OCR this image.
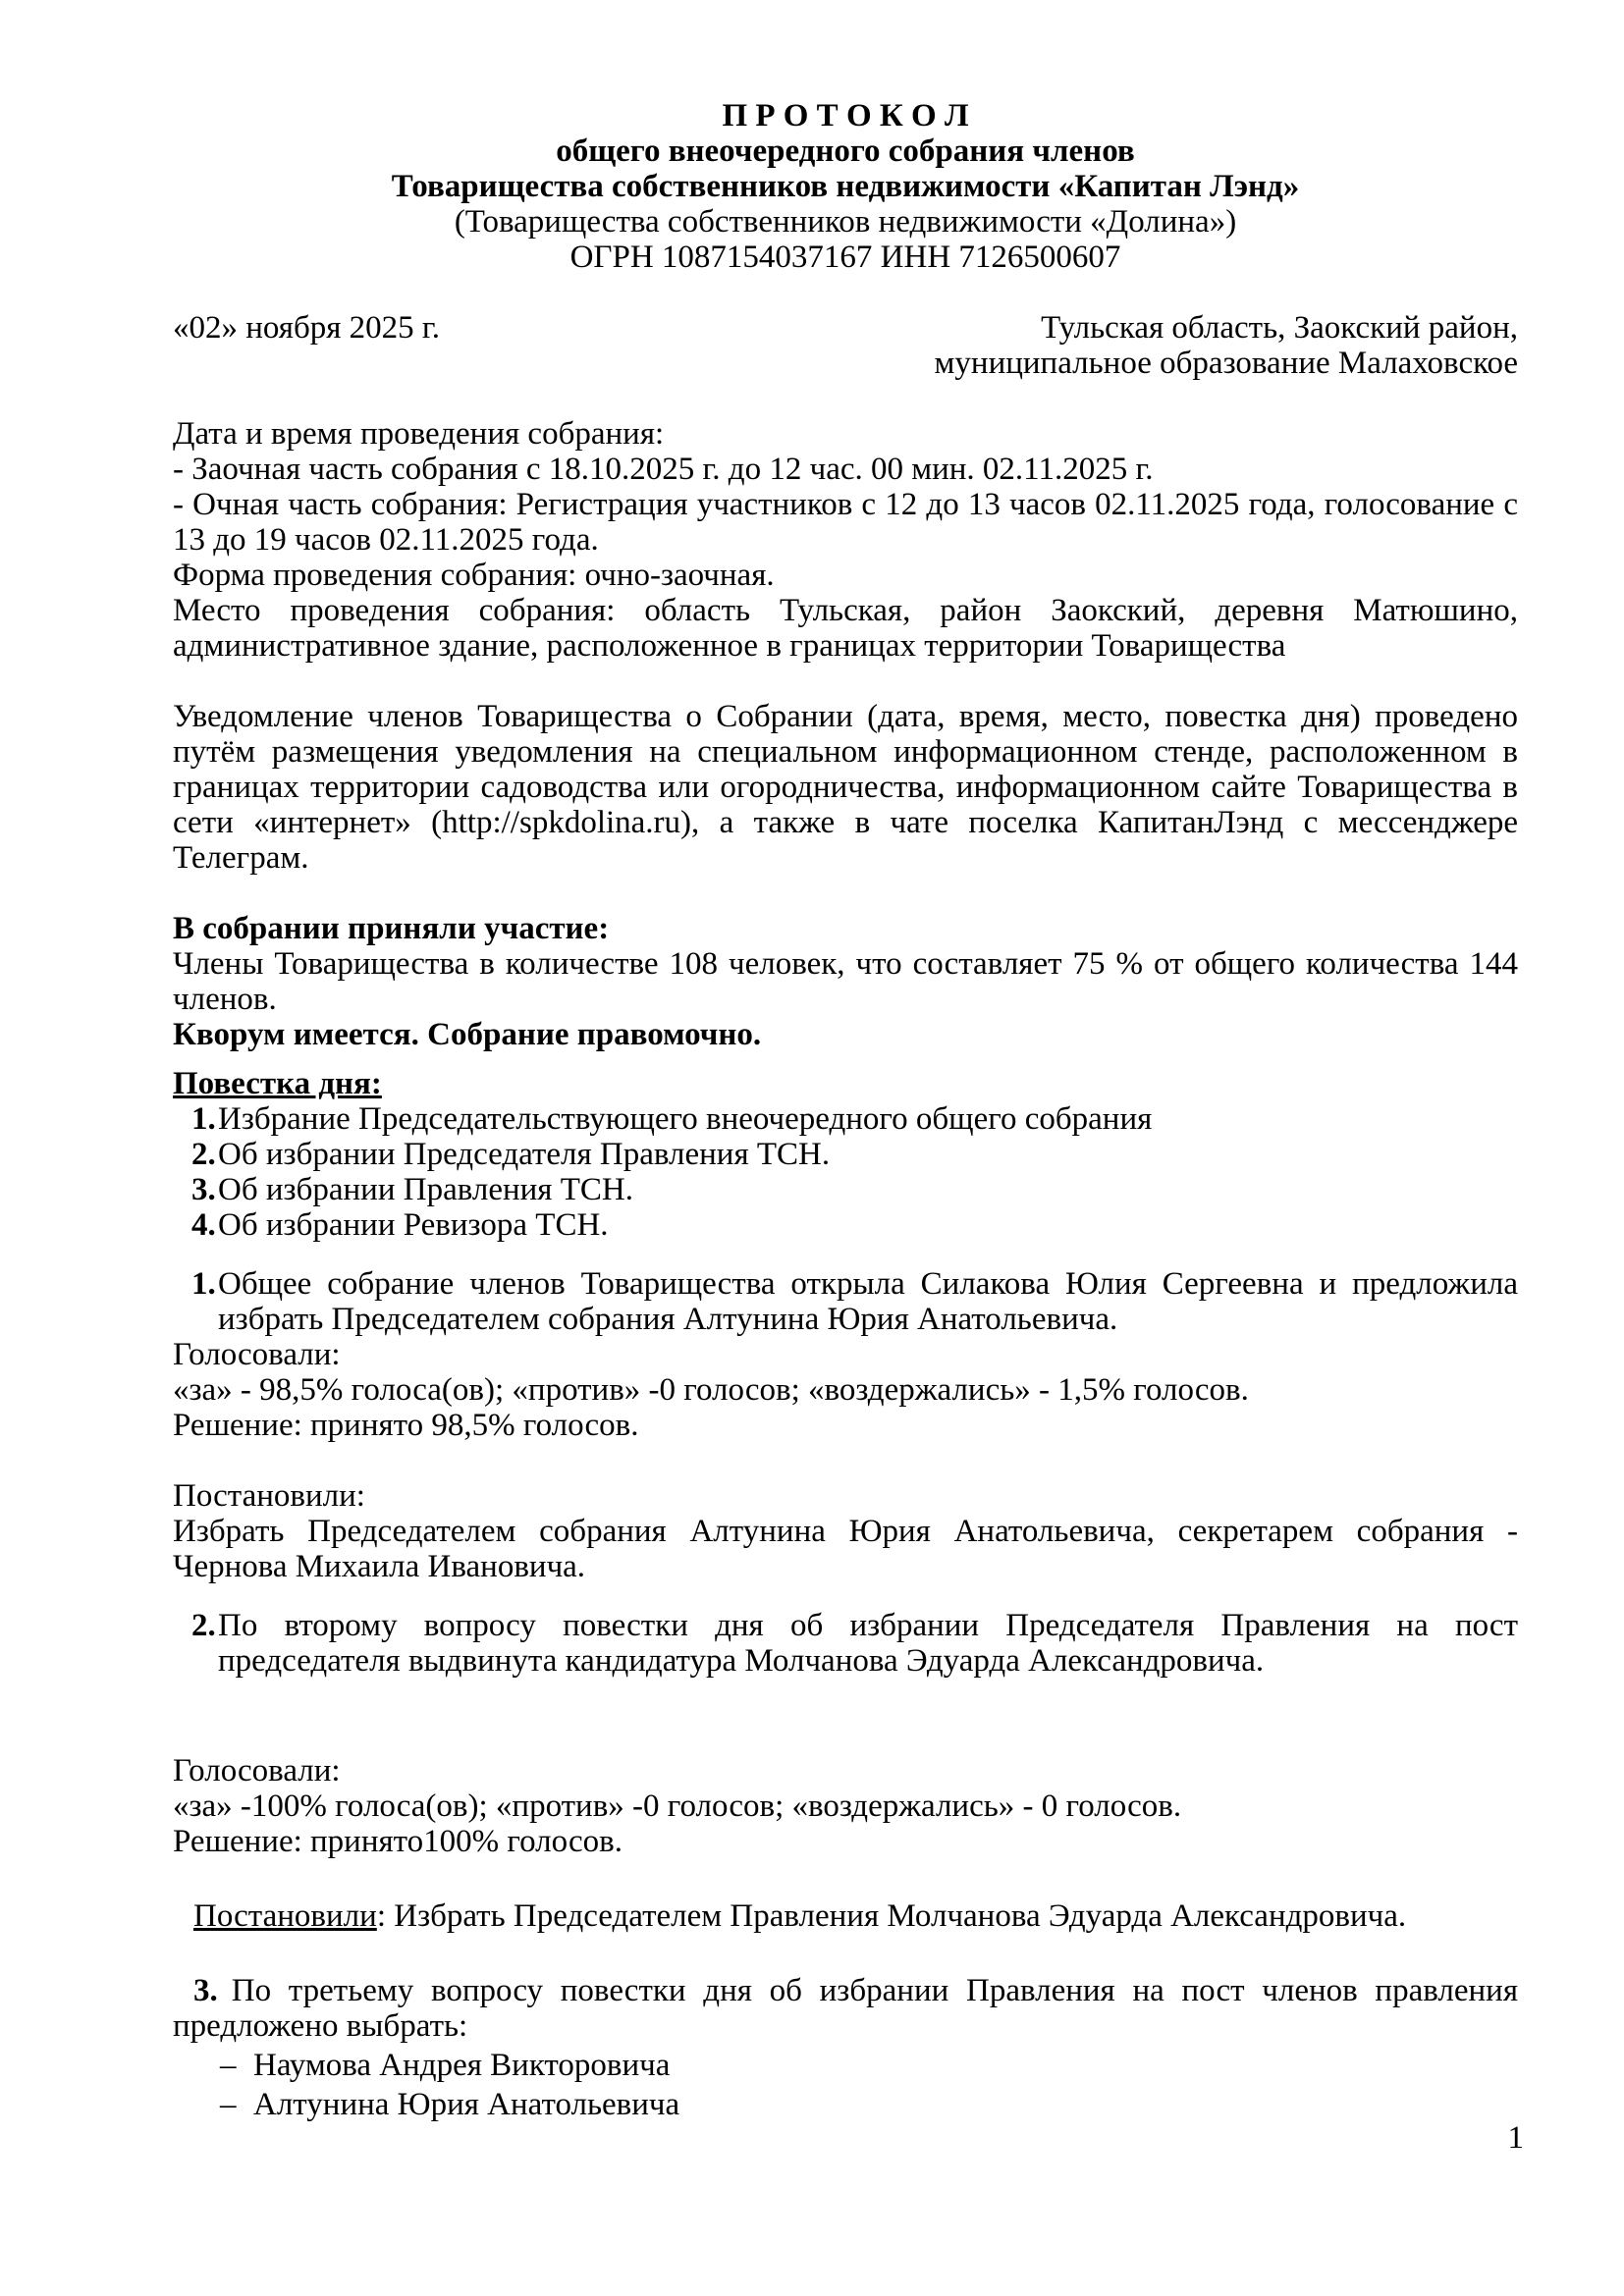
П Р О Т О К О Л

общего внеочередного собрания членов

Товарищества собственников недвижимости «Капитан Лэнд»

(Товарищества собственников недвижимости «Долина»)

ОГРН 1087154037167 ИНН 7126500607

«02» ноября 2025 г.	Тульская область, Заокский район,
муниципальное образование Малаховское

Дата и время проведения собрания:

- Заочная часть собрания с 18.10.2025 г. до 12 час. 00 мин. 02.11.2025 г.

- Очная часть собрания: Регистрация участников с 12 до 13 часов 02.11.2025 года, голосование с 13 до 19 часов 02.11.2025 года.

Форма проведения собрания: очно-заочная.

Место проведения собрания: область Тульская, район Заокский, деревня Матюшино, административное здание, расположенное в границах территории Товарищества

Уведомление членов Товарищества о Собрании (дата, время, место, повестка дня) проведено путём размещения уведомления на специальном информационном стенде, расположенном в границах территории садоводства или огородничества, информационном сайте Товарищества в сети «интернет» (http://spkdolina.ru), а также в чате поселка КапитанЛэнд с мессенджере Телеграм.

В собрании приняли участие:

Члены Товарищества в количестве 108 человек, что составляет 75 % от общего количества 144 членов.

Кворум имеется. Собрание правомочно.

Повестка дня:

1. Избрание Председательствующего внеочередного общего собрания
2. Об избрании Председателя Правления ТСН.
3. Об избрании Правления ТСН.
4. Об избрании Ревизора ТСН.
1. Общее собрание членов Товарищества открыла Силакова Юлия Сергеевна и предложила избрать Председателем собрания Алтунина Юрия Анатольевича.

Голосовали:

«за» - 98,5% голоса(ов); «против» -0 голосов; «воздержались» - 1,5% голосов.

Решение: принято 98,5% голосов.

Постановили:

Избрать Председателем собрания Алтунина Юрия Анатольевича, секретарем собрания - Чернова Михаила Ивановича.

2. По второму вопросу повестки дня об избрании Председателя Правления на пост председателя выдвинута кандидатура Молчанова Эдуарда Александровича.

Голосовали:

«за» -100% голоса(ов); «против» -0 голосов; «воздержались» - 0 голосов.

Решение: принято100% голосов.

Постановили: Избрать Председателем Правления Молчанова Эдуарда Александровича.

3. По третьему вопросу повестки дня об избрании Правления на пост членов правления предложено выбрать:

– Наумова Андрея Викторовича
– Алтунина Юрия Анатольевича
1
